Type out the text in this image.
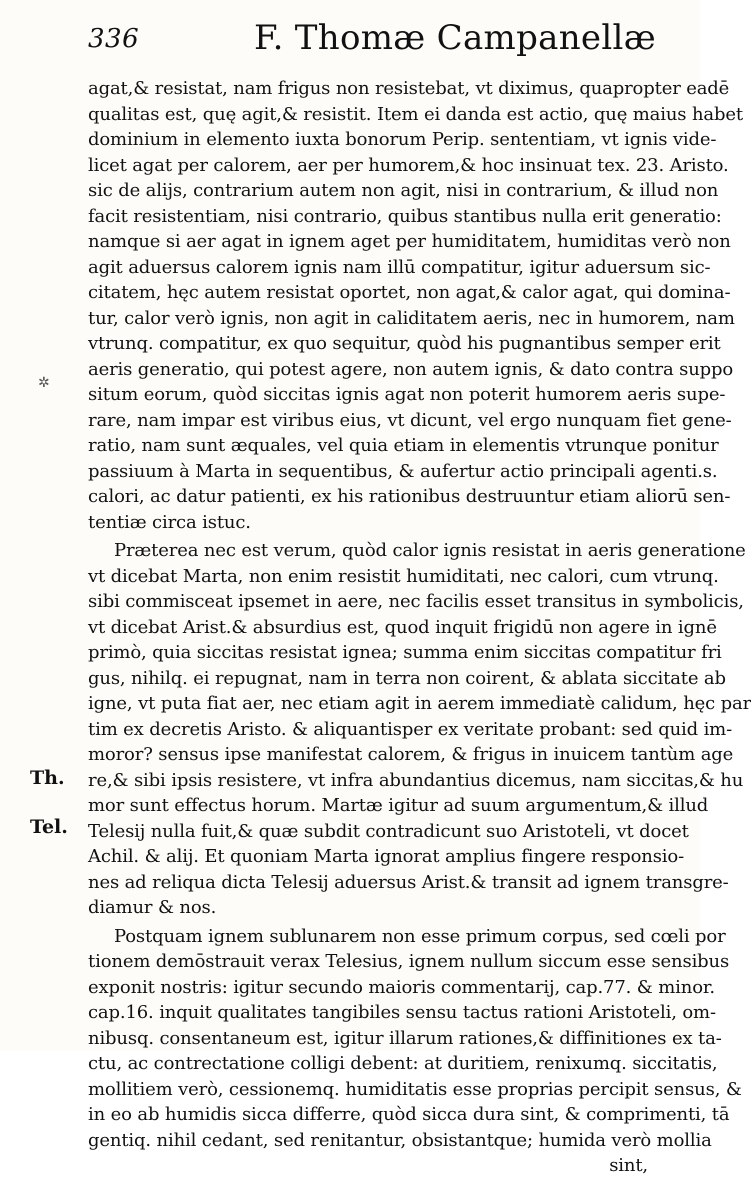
336	F. Thomæ Campanellæ
✲
Th.
Tel.
agat,& resistat, nam frigus non resistebat, vt diximus, quapropter eadē
qualitas est, quę agit,& resistit. Item ei danda est actio, quę maius habet
dominium in elemento iuxta bonorum Perip. sententiam, vt ignis vide-
licet agat per calorem, aer per humorem,& hoc insinuat tex. 23. Aristo.
sic de alijs, contrarium autem non agit, nisi in contrarium, & illud non
facit resistentiam, nisi contrario, quibus stantibus nulla erit generatio:
namque si aer agat in ignem aget per humiditatem, humiditas verò non
agit aduersus calorem ignis nam illū compatitur, igitur aduersum sic-
citatem, hęc autem resistat oportet, non agat,& calor agat, qui domina-
tur, calor verò ignis, non agit in caliditatem aeris, nec in humorem, nam
vtrunq. compatitur, ex quo sequitur, quòd his pugnantibus semper erit
aeris generatio, qui potest agere, non autem ignis, & dato contra suppo
situm eorum, quòd siccitas ignis agat non poterit humorem aeris supe-
rare, nam impar est viribus eius, vt dicunt, vel ergo nunquam fiet gene-
ratio, nam sunt æquales, vel quia etiam in elementis vtrunque ponitur
passiuum à Marta in sequentibus, & aufertur actio principali agenti.s.
calori, ac datur patienti, ex his rationibus destruuntur etiam aliorū sen-
tentiæ circa istuc.
Præterea nec est verum, quòd calor ignis resistat in aeris generatione
vt dicebat Marta, non enim resistit humiditati, nec calori, cum vtrunq.
sibi commisceat ipsemet in aere, nec facilis esset transitus in symbolicis,
vt dicebat Arist.& absurdius est, quod inquit frigidū non agere in ignē
primò, quia siccitas resistat ignea; summa enim siccitas compatitur fri
gus, nihilq. ei repugnat, nam in terra non coirent, & ablata siccitate ab
igne, vt puta fiat aer, nec etiam agit in aerem immediatè calidum, hęc par
tim ex decretis Aristo. & aliquantisper ex veritate probant: sed quid im-
moror? sensus ipse manifestat calorem, & frigus in inuicem tantùm age
re,& sibi ipsis resistere, vt infra abundantius dicemus, nam siccitas,& hu
mor sunt effectus horum. Martæ igitur ad suum argumentum,& illud
Telesij nulla fuit,& quæ subdit contradicunt suo Aristoteli, vt docet
Achil. & alij. Et quoniam Marta ignorat amplius fingere responsio-
nes ad reliqua dicta Telesij aduersus Arist.& transit ad ignem transgre-
diamur & nos.
Postquam ignem sublunarem non esse primum corpus, sed cœli por
tionem demōstrauit verax Telesius, ignem nullum siccum esse sensibus
exponit nostris: igitur secundo maioris commentarij, cap.77. & minor.
cap.16. inquit qualitates tangibiles sensu tactus rationi Aristoteli, om-
nibusq. consentaneum est, igitur illarum rationes,& diffinitiones ex ta-
ctu, ac contrectatione colligi debent: at duritiem, renixumq. siccitatis,
mollitiem verò, cessionemq. humiditatis esse proprias percipit sensus, &
in eo ab humidis sicca differre, quòd sicca dura sint, & comprimenti, tā
gentiq. nihil cedant, sed renitantur, obsistantque; humida verò mollia
sint,
